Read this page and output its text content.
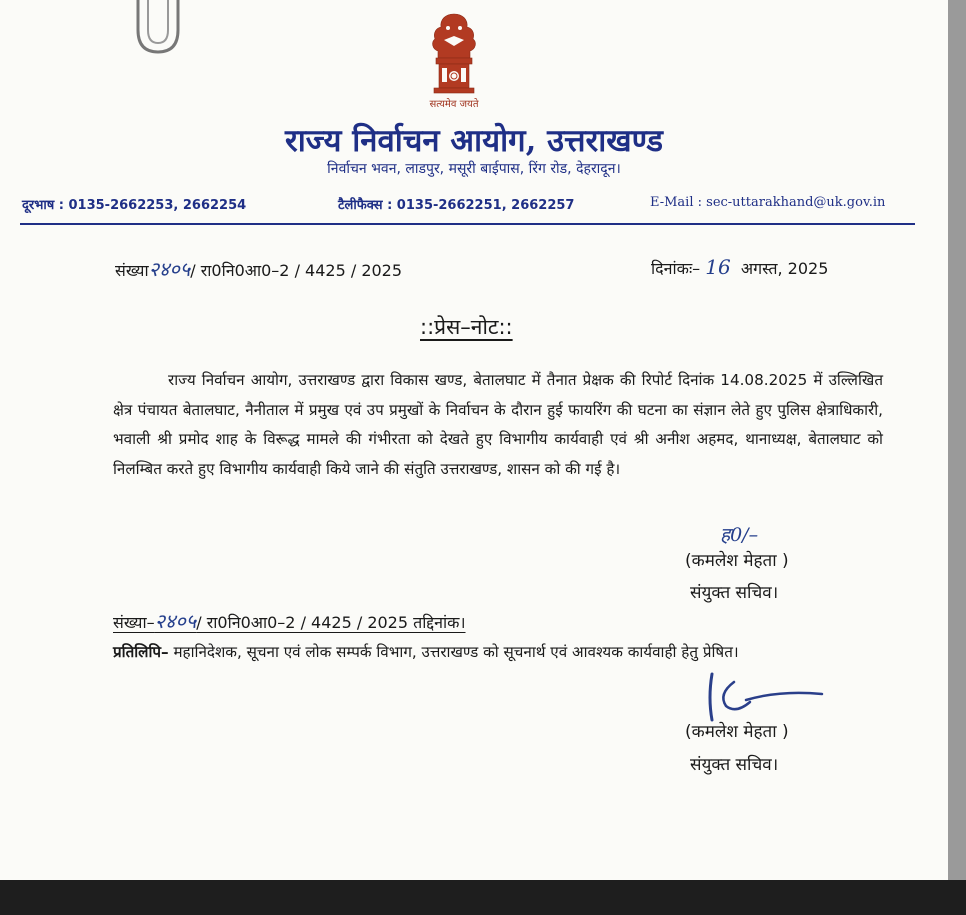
सत्यमेव जयते
राज्य निर्वाचन आयोग, उत्तराखण्ड
निर्वाचन भवन, लाडपुर, मसूरी बाईपास, रिंग रोड, देहरादून।
दूरभाष : 0135-2662253, 2662254	टैलीफैक्स : 0135-2662251, 2662257	E-Mail : sec-uttarakhand@uk.gov.in
संख्या२४०५/ रा0नि0आ0–2 / 4425 / 2025	दिनांकः– 16 अगस्त, 2025
::प्रेस–नोट::
राज्य निर्वाचन आयोग, उत्तराखण्ड द्वारा विकास खण्ड, बेतालघाट में तैनात प्रेक्षक की रिपोर्ट दिनांक 14.08.2025 में उल्लिखित क्षेत्र पंचायत बेतालघाट, नैनीताल में प्रमुख एवं उप प्रमुखों के निर्वाचन के दौरान हुई फायरिंग की घटना का संज्ञान लेते हुए पुलिस क्षेत्राधिकारी, भवाली श्री प्रमोद शाह के विरूद्ध मामले की गंभीरता को देखते हुए विभागीय कार्यवाही एवं श्री अनीश अहमद, थानाध्यक्ष, बेतालघाट को निलम्बित करते हुए विभागीय कार्यवाही किये जाने की संतुति उत्तराखण्ड, शासन को की गई है।
ह0/–
(कमलेश मेहता )
संयुक्त सचिव।
संख्या–२४०५/ रा0नि0आ0–2 / 4425 / 2025 तद्दिनांक।
प्रतिलिपि– महानिदेशक, सूचना एवं लोक सम्पर्क विभाग, उत्तराखण्ड को सूचनार्थ एवं आवश्यक कार्यवाही हेतु प्रेषित।
(कमलेश मेहता )
संयुक्त सचिव।
